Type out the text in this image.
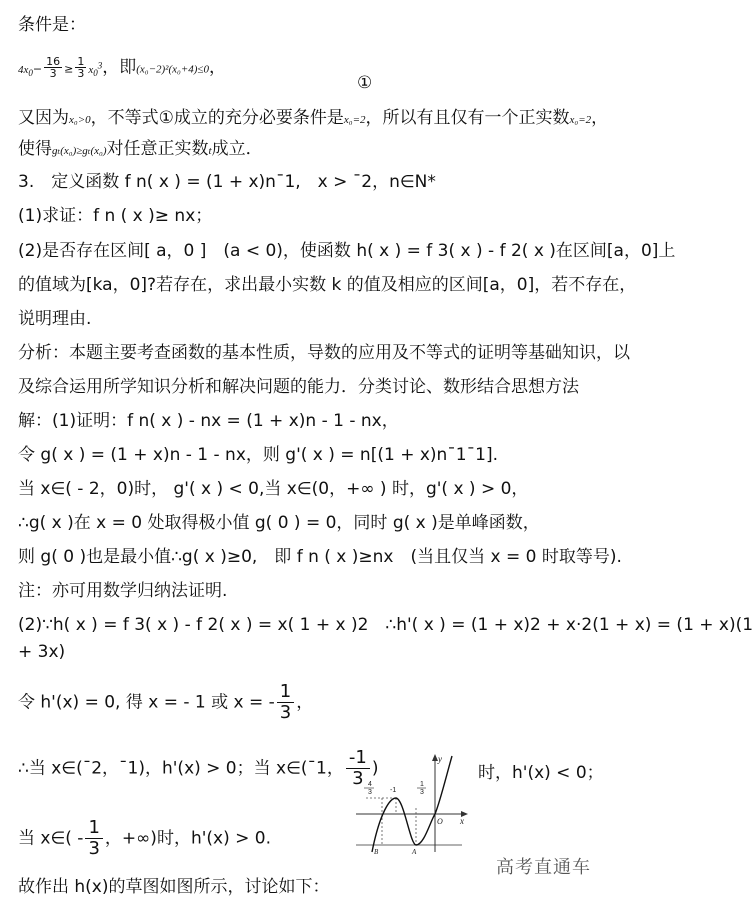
条件是：
$4x_0- \frac{16}{3} \ge \frac{1}{3} x_0^3$，即(x₀−2)²(x₀+4)≤0，
①
又因为x₀>0，不等式①成立的充分必要条件是x₀=2，所以有且仅有一个正实数x₀=2，
使得gₜ(x₀)≥gₜ(x₀)对任意正实数t成立．
3.　定义函数 f n( x ) = (1 + x)n¯1,　x > ¯2，n∈N*
(1)求证：f n ( x )≥ nx；
(2)是否存在区间[ a，0 ]　(a < 0)，使函数 h( x ) = f 3( x ) - f 2( x )在区间[a，0]上
的值域为[ka，0]?若存在，求出最小实数 k 的值及相应的区间[a，0]，若不存在，
说明理由.
分析：本题主要考查函数的基本性质，导数的应用及不等式的证明等基础知识，以
及综合运用所学知识分析和解决问题的能力．分类讨论、数形结合思想方法
解：(1)证明：f n( x ) - nx = (1 + x)n - 1 - nx，
令 g( x ) = (1 + x)n - 1 - nx，则 g'( x ) = n[(1 + x)n¯1¯1].
当 x∈( - 2，0)时， g'( x ) < 0,当 x∈(0，+∞ ) 时，g'( x ) > 0，
∴g( x )在 x = 0 处取得极小值 g( 0 ) = 0，同时 g( x )是单峰函数，
则 g( 0 )也是最小值∴g( x )≥0,　即 f n ( x )≥nx　(当且仅当 x = 0 时取等号).
注：亦可用数学归纳法证明.
(2)∵h( x ) = f 3( x ) - f 2( x ) = x( 1 + x )2　∴h'( x ) = (1 + x)2 + x·2(1 + x) = (1 + x)(1
+ 3x)
令 h'(x) = 0, 得 x = - 1 或 x = - $\frac{1}{3}$ ，
∴当 x∈(¯2，¯1)，h'(x) > 0；当 x∈(¯1， $\frac{-1}{3}$ )	时，h'(x) < 0；
当 x∈( - $\frac{1}{3}$ ，+∞)时，h'(x) > 0.
故作出 h(x)的草图如图所示，讨论如下：
y
x
O
4
3	-1
1
3
B	A
高考直通车
